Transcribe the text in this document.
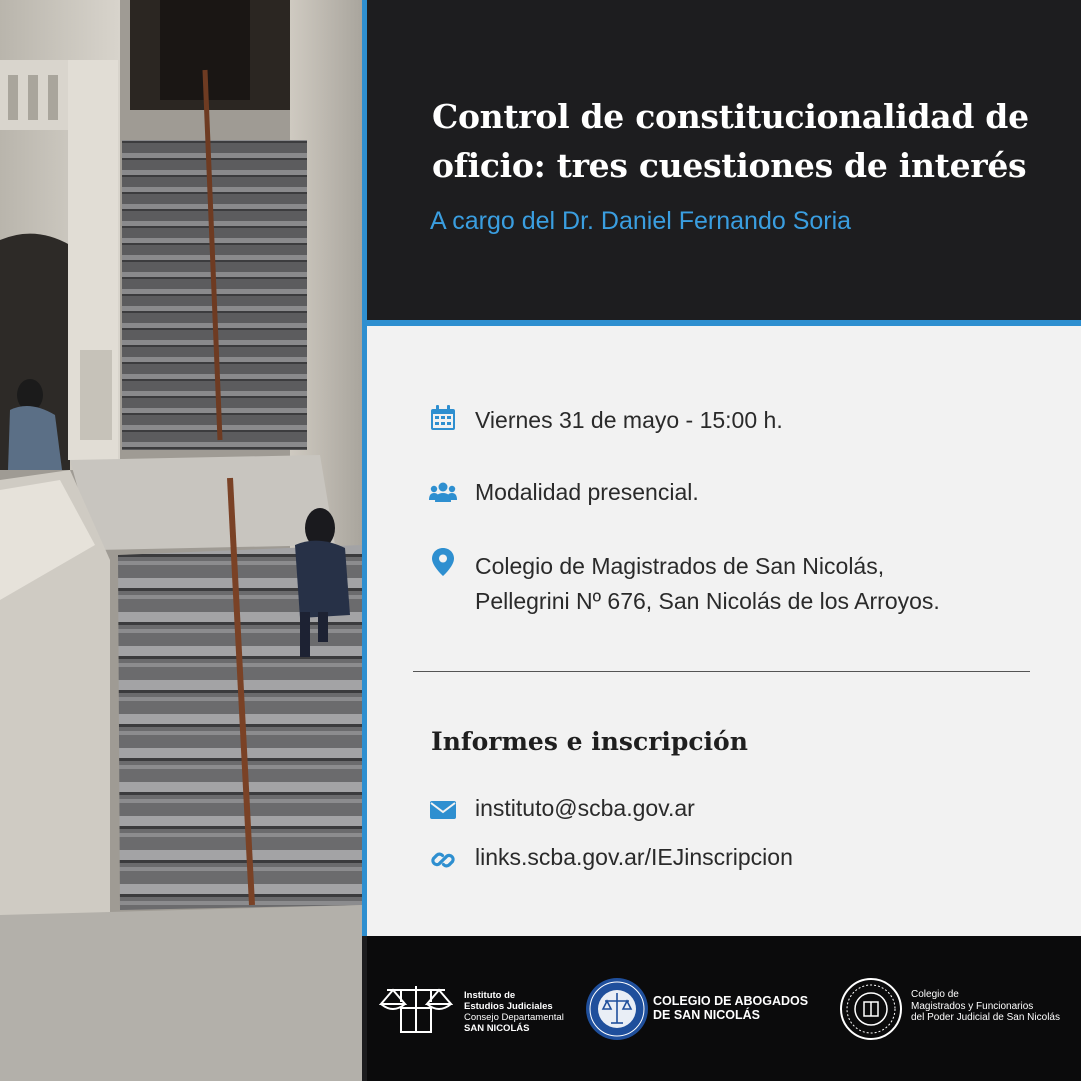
Control de constitucionalidad de
oficio: tres cuestiones de interés
A cargo del Dr. Daniel Fernando Soria
Viernes 31 de mayo - 15:00 h.
Modalidad presencial.
Colegio de Magistrados de San Nicolás,
Pellegrini Nº 676, San Nicolás de los Arroyos.
Informes e inscripción
instituto@scba.gov.ar
links.scba.gov.ar/IEJinscripcion
Instituto de
Estudios Judiciales
Consejo Departamental
SAN NICOLÁS
COLEGIO DE ABOGADOS
DE SAN NICOLÁS
Colegio de
Magistrados y Funcionarios
del Poder Judicial de San Nicolás
